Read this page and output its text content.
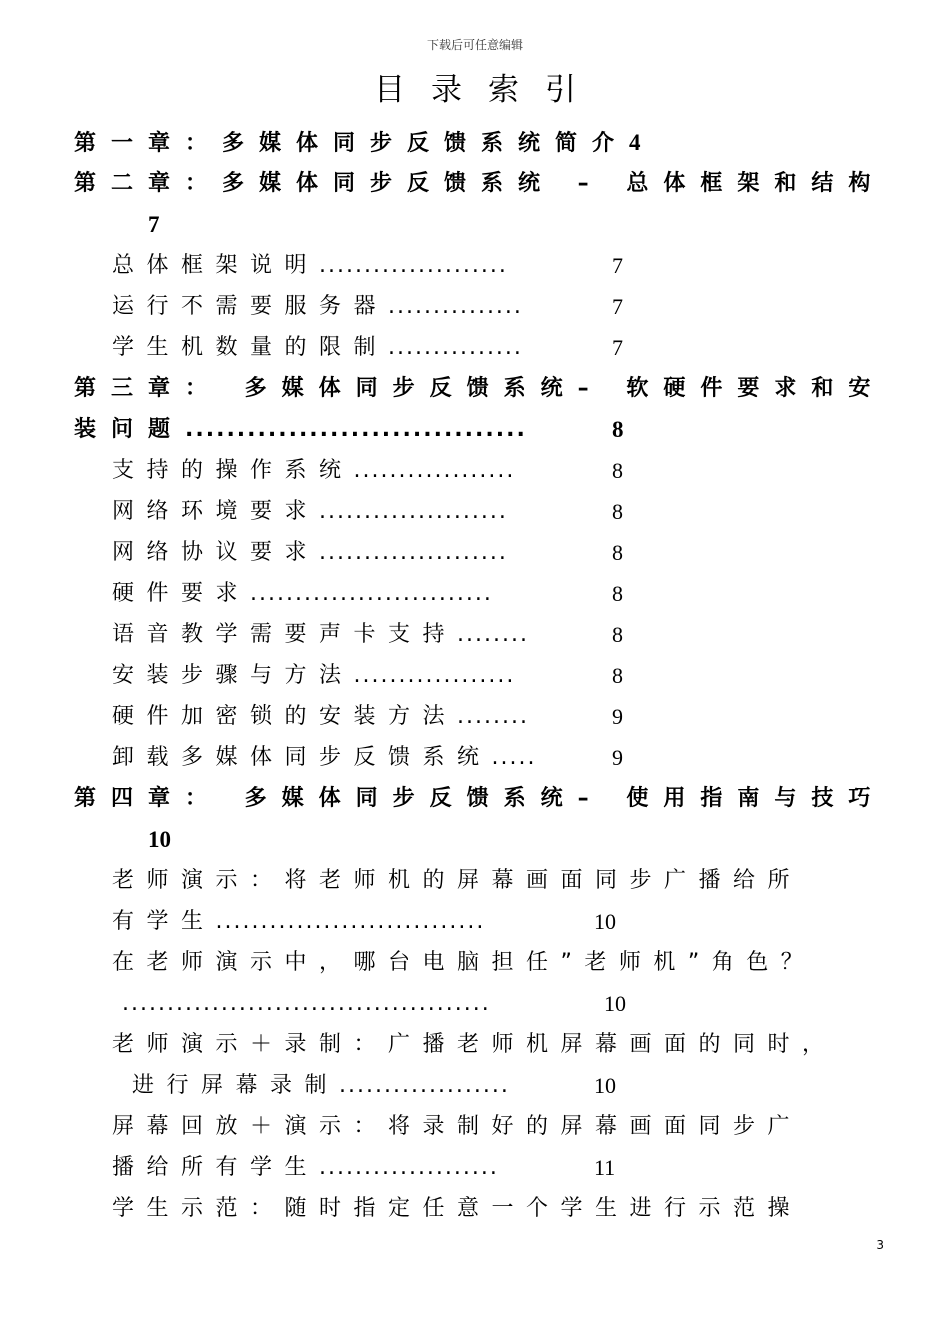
下载后可任意编辑
目录索引
第一章：多媒体同步反馈系统简介4
第二章：多媒体同步反馈系统 – 总体框架和结构
7
总体框架说明.....................	7
运行不需要服务器...............	7
学生机数量的限制...............	7
第三章： 多媒体同步反馈系统– 软硬件要求和安
装问题.................................	8
支持的操作系统..................	8
网络环境要求.....................	8
网络协议要求.....................	8
硬件要求...........................	8
语音教学需要声卡支持........	8
安装步骤与方法..................	8
硬件加密锁的安装方法........	9
卸载多媒体同步反馈系统.....	9
第四章： 多媒体同步反馈系统– 使用指南与技巧
10
老师演示：将老师机的屏幕画面同步广播给所
有学生..............................	10
在老师演示中，哪台电脑担任”老师机”角色？
.........................................	10
老师演示＋录制：广播老师机屏幕画面的同时，
进行屏幕录制...................	10
屏幕回放＋演示：将录制好的屏幕画面同步广
播给所有学生....................	11
学生示范：随时指定任意一个学生进行示范操
3
